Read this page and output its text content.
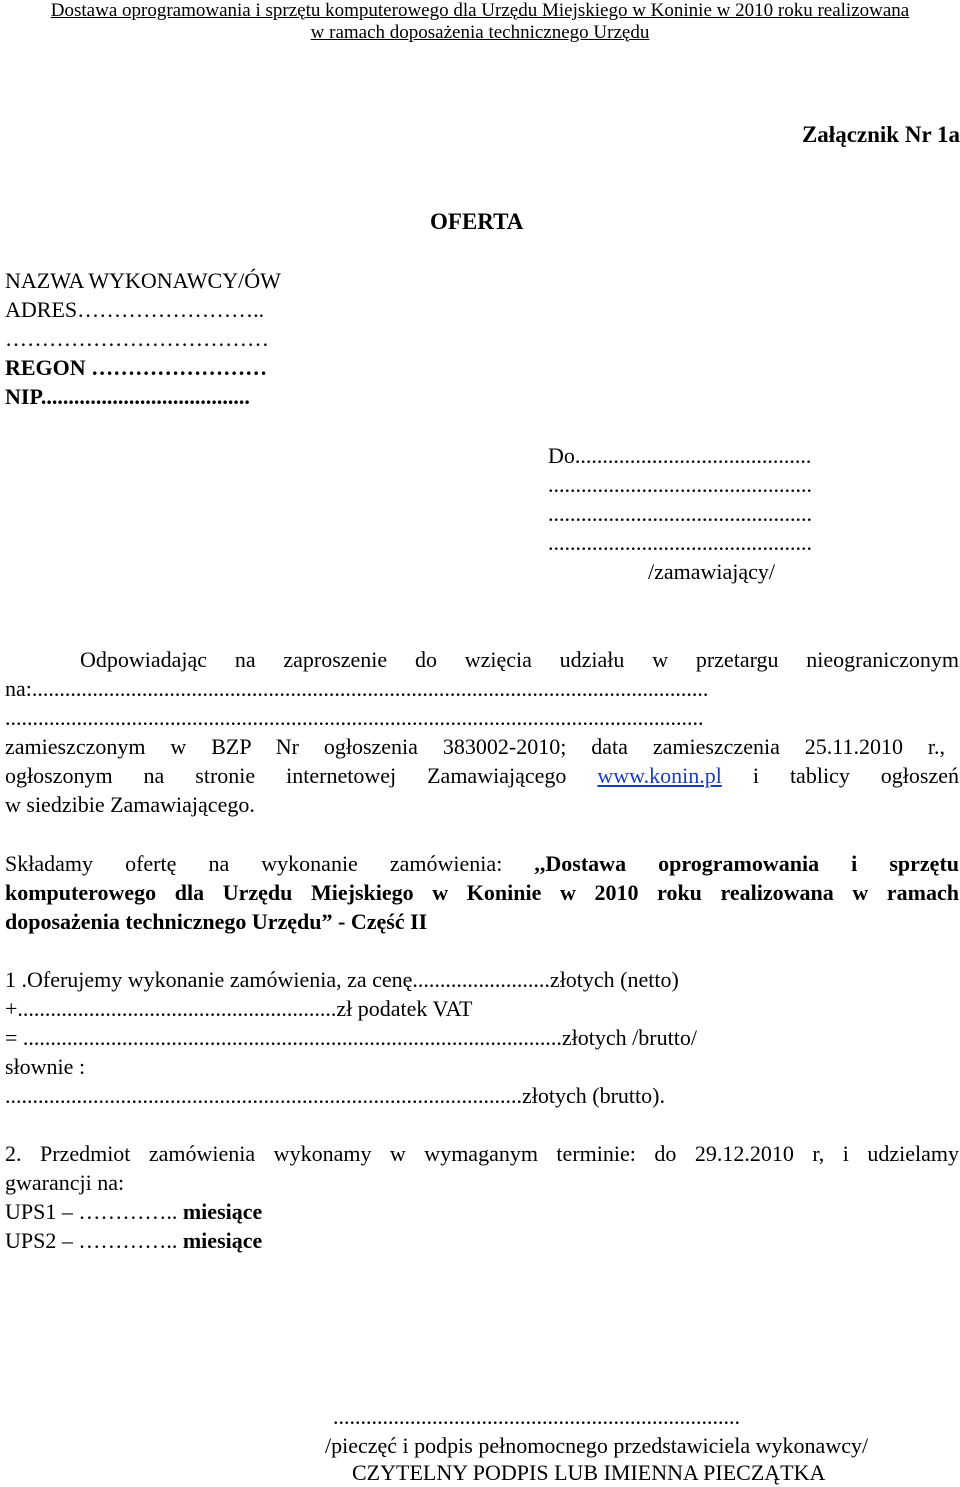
Dostawa oprogramowania i sprzętu komputerowego dla Urzędu Miejskiego w Koninie w 2010 roku realizowana
w ramach doposażenia technicznego Urzędu
Załącznik Nr 1a
OFERTA
NAZWA WYKONAWCY/ÓW
ADRES……………………..
………………………………
REGON ……………………
NIP......................................
Do...........................................
................................................
................................................
................................................
/zamawiający/
Odpowiadając na zaproszenie do wzięcia udziału w przetargu nieograniczonym
na:...........................................................................................................................
...............................................................................................................................
zamieszczonym w BZP Nr ogłoszenia 383002-2010; data zamieszczenia 25.11.2010 r.,
ogłoszonym na stronie internetowej Zamawiającego www.konin.pl i tablicy ogłoszeń
w siedzibie Zamawiającego.
Składamy ofertę na wykonanie zamówienia: ,,Dostawa oprogramowania i sprzętu
komputerowego dla Urzędu Miejskiego w Koninie w 2010 roku realizowana w ramach
doposażenia technicznego Urzędu” - Część II
1 .Oferujemy wykonanie zamówienia, za cenę.........................złotych (netto)
+..........................................................zł podatek VAT
= ..................................................................................................złotych /brutto/
słownie :
..............................................................................................złotych (brutto).
2. Przedmiot zamówienia wykonamy w wymaganym terminie: do 29.12.2010 r, i udzielamy
gwarancji na:
UPS1 – ………….. miesiące
UPS2 – ………….. miesiące
..........................................................................
/pieczęć i podpis pełnomocnego przedstawiciela wykonawcy/
CZYTELNY PODPIS LUB IMIENNA PIECZĄTKA
